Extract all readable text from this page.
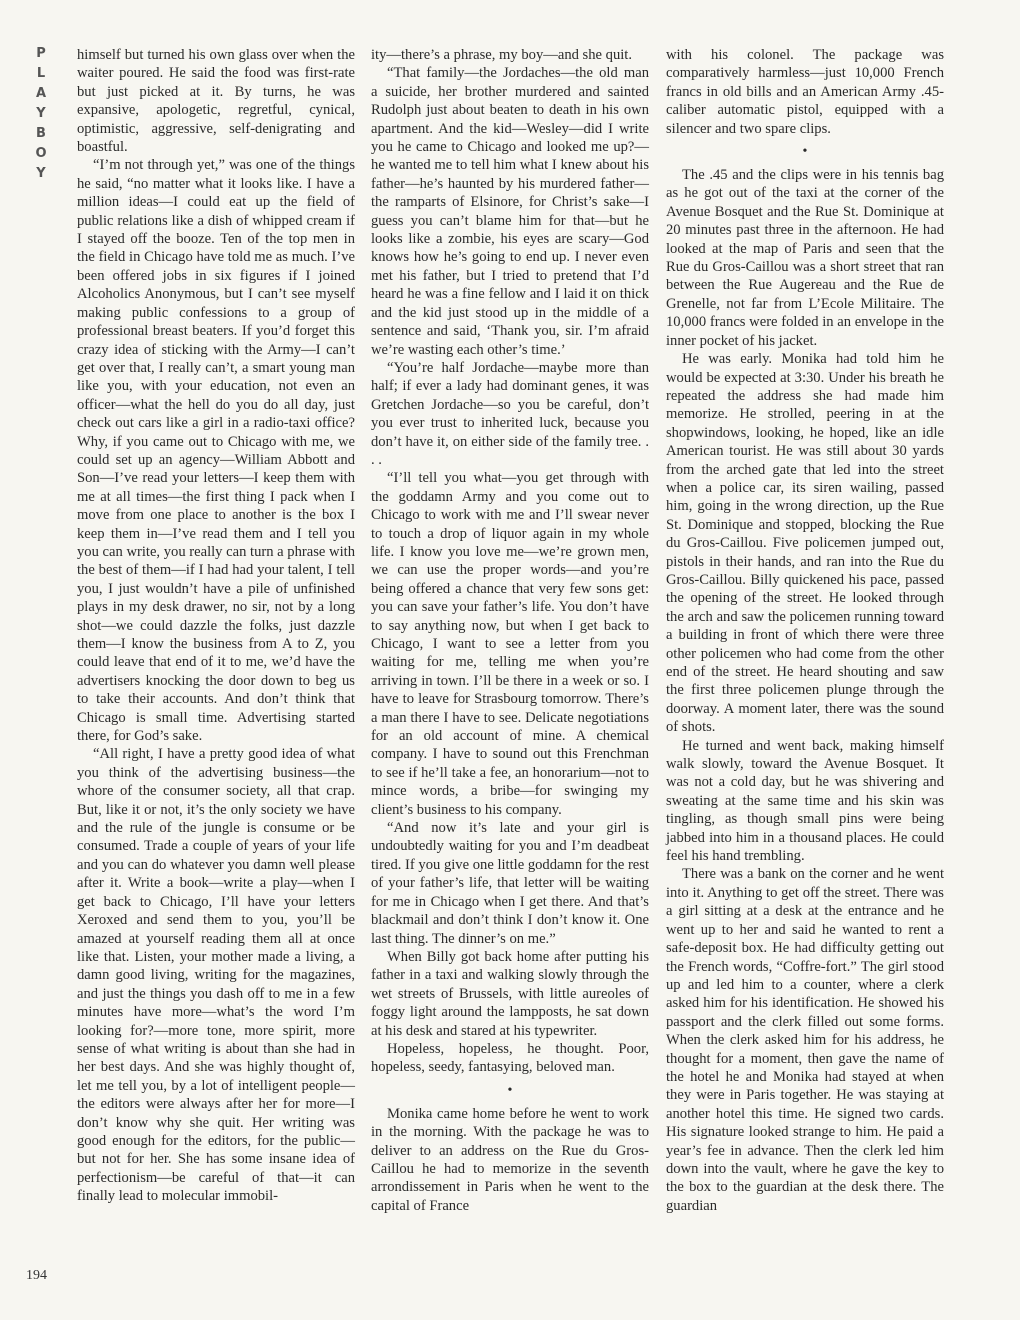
P
L
A
Y
B
O
Y
194

himself but turned his own glass over when the waiter poured. He said the food was first-rate but just picked at it. By turns, he was expansive, apologetic, regretful, cynical, optimistic, aggressive, self-denigrating and boastful.

“I’m not through yet,” was one of the things he said, “no matter what it looks like. I have a million ideas—I could eat up the field of public relations like a dish of whipped cream if I stayed off the booze. Ten of the top men in the field in Chicago have told me as much. I’ve been offered jobs in six figures if I joined Alcoholics Anonymous, but I can’t see myself making public confessions to a group of professional breast beaters. If you’d forget this crazy idea of sticking with the Army—I can’t get over that, I really can’t, a smart young man like you, with your education, not even an officer—what the hell do you do all day, just check out cars like a girl in a radio-taxi office? Why, if you came out to Chicago with me, we could set up an agency—William Abbott and Son—I’ve read your letters—I keep them with me at all times—the first thing I pack when I move from one place to another is the box I keep them in—I’ve read them and I tell you you can write, you really can turn a phrase with the best of them—if I had had your talent, I tell you, I just wouldn’t have a pile of unfinished plays in my desk drawer, no sir, not by a long shot—we could dazzle the folks, just dazzle them—I know the business from A to Z, you could leave that end of it to me, we’d have the advertisers knocking the door down to beg us to take their accounts. And don’t think that Chicago is small time. Advertising started there, for God’s sake.

“All right, I have a pretty good idea of what you think of the advertising business—the whore of the consumer society, all that crap. But, like it or not, it’s the only society we have and the rule of the jungle is consume or be consumed. Trade a couple of years of your life and you can do whatever you damn well please after it. Write a book—write a play—when I get back to Chicago, I’ll have your letters Xeroxed and send them to you, you’ll be amazed at yourself reading them all at once like that. Listen, your mother made a living, a damn good living, writing for the magazines, and just the things you dash off to me in a few minutes have more—what’s the word I’m looking for?—more tone, more spirit, more sense of what writing is about than she had in her best days. And she was highly thought of, let me tell you, by a lot of intelligent people—the editors were always after her for more—I don’t know why she quit. Her writing was good enough for the editors, for the public—but not for her. She has some insane idea of perfectionism—be careful of that—it can finally lead to molecular immobil-

ity—there’s a phrase, my boy—and she quit.

“That family—the Jordaches—the old man a suicide, her brother murdered and sainted Rudolph just about beaten to death in his own apartment. And the kid—Wesley—did I write you he came to Chicago and looked me up?—he wanted me to tell him what I knew about his father—he’s haunted by his murdered father—the ramparts of Elsinore, for Christ’s sake—I guess you can’t blame him for that—but he looks like a zombie, his eyes are scary—God knows how he’s going to end up. I never even met his father, but I tried to pretend that I’d heard he was a fine fellow and I laid it on thick and the kid just stood up in the middle of a sentence and said, ‘Thank you, sir. I’m afraid we’re wasting each other’s time.’

“You’re half Jordache—maybe more than half; if ever a lady had dominant genes, it was Gretchen Jordache—so you be careful, don’t you ever trust to inherited luck, because you don’t have it, on either side of the family tree. . . .

“I’ll tell you what—you get through with the goddamn Army and you come out to Chicago to work with me and I’ll swear never to touch a drop of liquor again in my whole life. I know you love me—we’re grown men, we can use the proper words—and you’re being offered a chance that very few sons get: you can save your father’s life. You don’t have to say anything now, but when I get back to Chicago, I want to see a letter from you waiting for me, telling me when you’re arriving in town. I’ll be there in a week or so. I have to leave for Strasbourg tomorrow. There’s a man there I have to see. Delicate negotiations for an old account of mine. A chemical company. I have to sound out this Frenchman to see if he’ll take a fee, an honorarium—not to mince words, a bribe—for swinging my client’s business to his company.

“And now it’s late and your girl is undoubtedly waiting for you and I’m deadbeat tired. If you give one little goddamn for the rest of your father’s life, that letter will be waiting for me in Chicago when I get there. And that’s blackmail and don’t think I don’t know it. One last thing. The dinner’s on me.”

When Billy got back home after putting his father in a taxi and walking slowly through the wet streets of Brussels, with little aureoles of foggy light around the lampposts, he sat down at his desk and stared at his typewriter.

Hopeless, hopeless, he thought. Poor, hopeless, seedy, fantasying, beloved man.

•

Monika came home before he went to work in the morning. With the package he was to deliver to an address on the Rue du Gros-Caillou he had to memorize in the seventh arrondissement in Paris when he went to the capital of France

with his colonel. The package was comparatively harmless—just 10,000 French francs in old bills and an American Army .45-caliber automatic pistol, equipped with a silencer and two spare clips.

•

The .45 and the clips were in his tennis bag as he got out of the taxi at the corner of the Avenue Bosquet and the Rue St. Dominique at 20 minutes past three in the afternoon. He had looked at the map of Paris and seen that the Rue du Gros-Caillou was a short street that ran between the Rue Augereau and the Rue de Grenelle, not far from L’Ecole Militaire. The 10,000 francs were folded in an envelope in the inner pocket of his jacket.

He was early. Monika had told him he would be expected at 3:30. Under his breath he repeated the address she had made him memorize. He strolled, peering in at the shopwindows, looking, he hoped, like an idle American tourist. He was still about 30 yards from the arched gate that led into the street when a police car, its siren wailing, passed him, going in the wrong direction, up the Rue St. Dominique and stopped, blocking the Rue du Gros-Caillou. Five policemen jumped out, pistols in their hands, and ran into the Rue du Gros-Caillou. Billy quickened his pace, passed the opening of the street. He looked through the arch and saw the policemen running toward a building in front of which there were three other policemen who had come from the other end of the street. He heard shouting and saw the first three policemen plunge through the doorway. A moment later, there was the sound of shots.

He turned and went back, making himself walk slowly, toward the Avenue Bosquet. It was not a cold day, but he was shivering and sweating at the same time and his skin was tingling, as though small pins were being jabbed into him in a thousand places. He could feel his hand trembling.

There was a bank on the corner and he went into it. Anything to get off the street. There was a girl sitting at a desk at the entrance and he went up to her and said he wanted to rent a safe-deposit box. He had difficulty getting out the French words, “Coffre-fort.” The girl stood up and led him to a counter, where a clerk asked him for his identification. He showed his passport and the clerk filled out some forms. When the clerk asked him for his address, he thought for a moment, then gave the name of the hotel he and Monika had stayed at when they were in Paris together. He was staying at another hotel this time. He signed two cards. His signature looked strange to him. He paid a year’s fee in advance. Then the clerk led him down into the vault, where he gave the key to the box to the guardian at the desk there. The guardian
